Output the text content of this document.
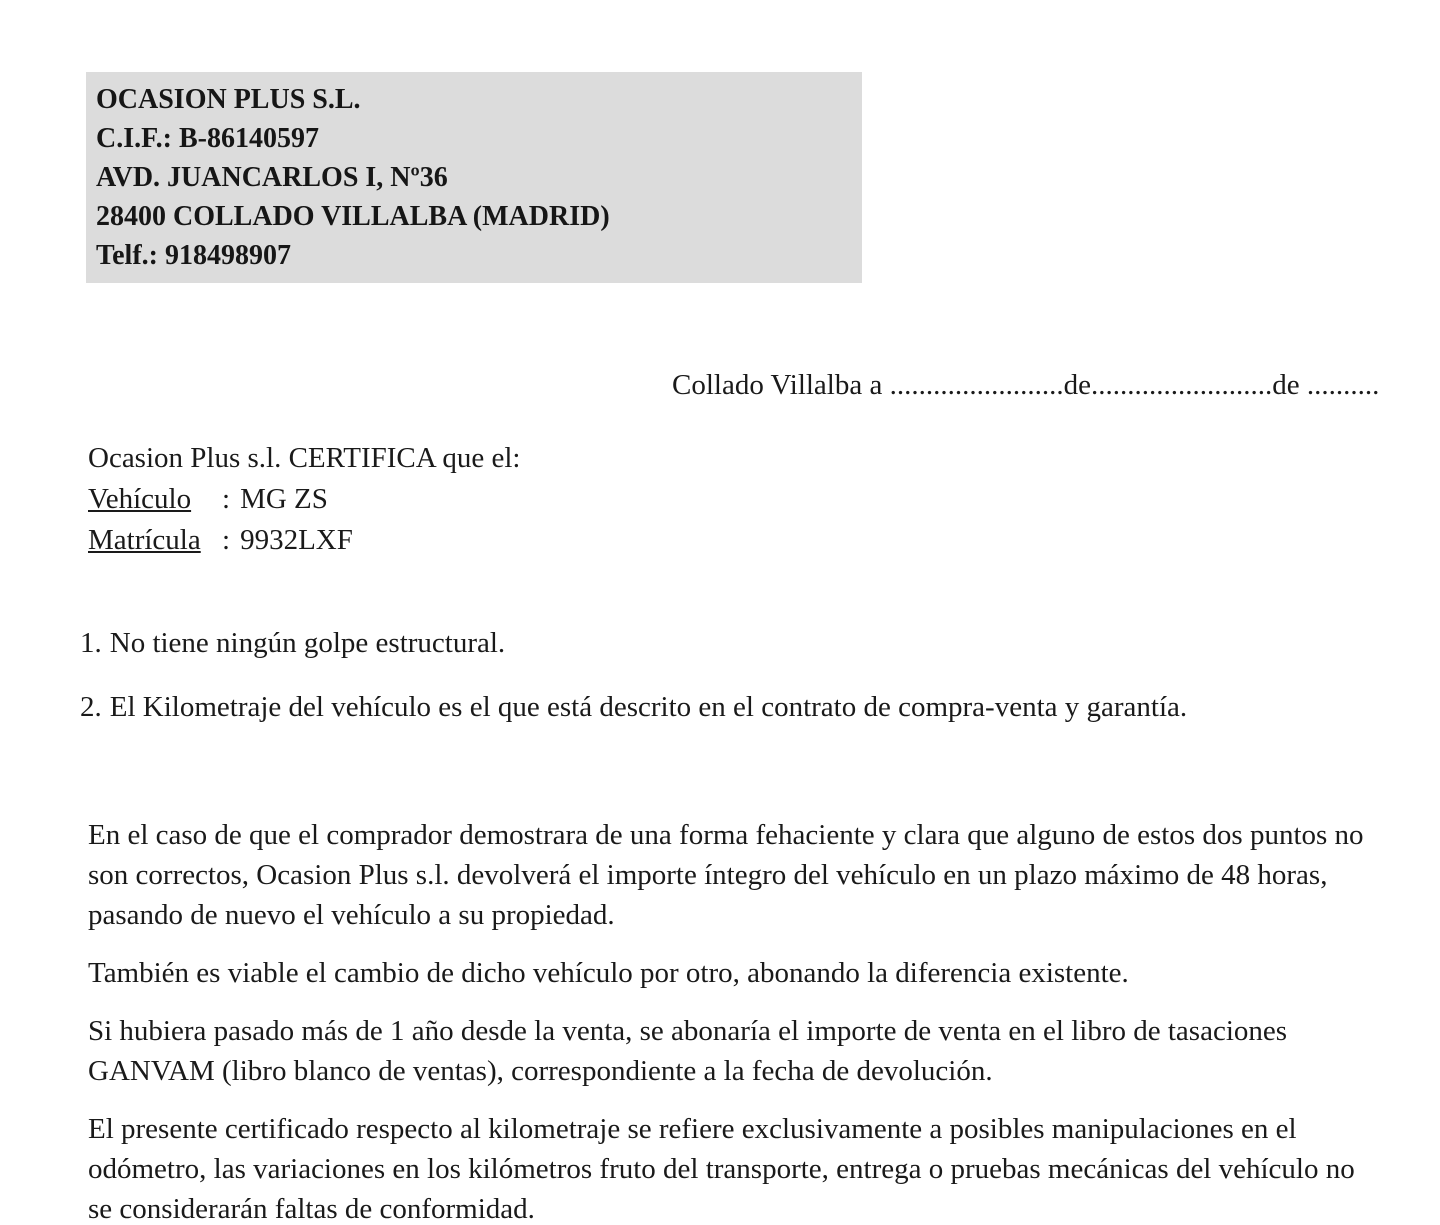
OCASION PLUS S.L.
C.I.F.: B-86140597
AVD. JUANCARLOS I, Nº36
28400 COLLADO VILLALBA (MADRID)
Telf.: 918498907
Collado Villalba a ........................de.........................de ..........
Ocasion Plus s.l. CERTIFICA que el:
Vehículo : MG ZS
Matrícula : 9932LXF

1. No tiene ningún golpe estructural.

2. El Kilometraje del vehículo es el que está descrito en el contrato de compra-venta y garantía.

En el caso de que el comprador demostrara de una forma fehaciente y clara que alguno de estos dos puntos no son correctos, Ocasion Plus s.l. devolverá el importe íntegro del vehículo en un plazo máximo de 48 horas, pasando de nuevo el vehículo a su propiedad.

También es viable el cambio de dicho vehículo por otro, abonando la diferencia existente.

Si hubiera pasado más de 1 año desde la venta, se abonaría el importe de venta en el libro de tasaciones GANVAM (libro blanco de ventas), correspondiente a la fecha de devolución.

El presente certificado respecto al kilometraje se refiere exclusivamente a posibles manipulaciones en el odómetro, las variaciones en los kilómetros fruto del transporte, entrega o pruebas mecánicas del vehículo no se considerarán faltas de conformidad.
